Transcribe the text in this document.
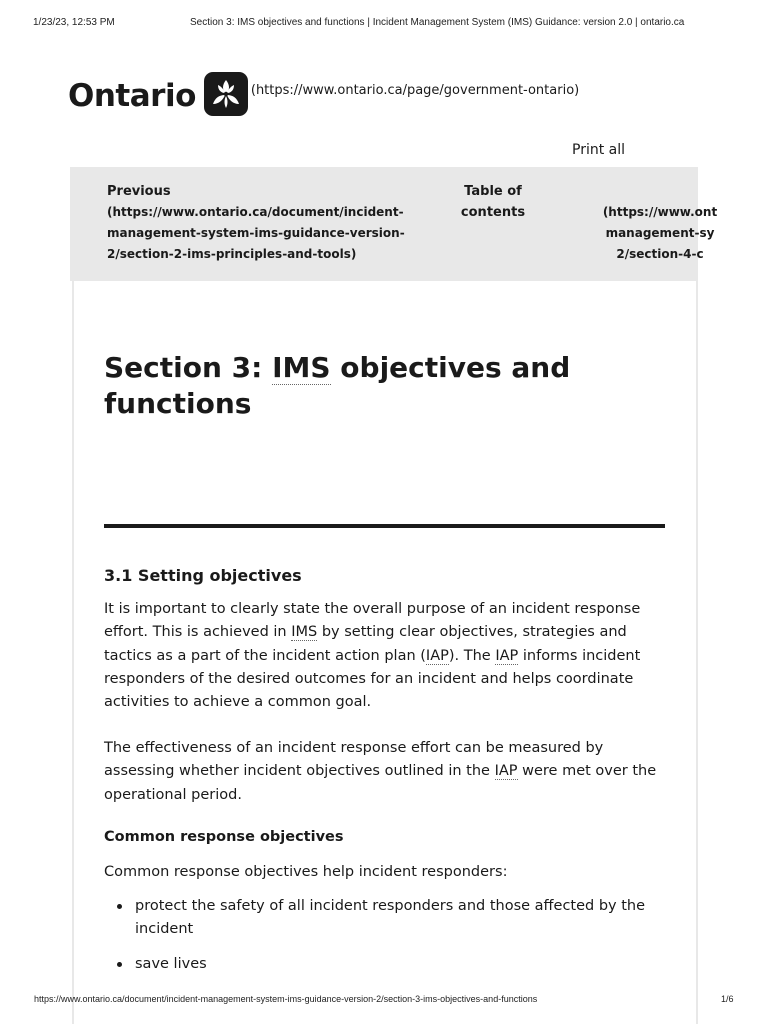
1/23/23, 12:53 PM	Section 3: IMS objectives and functions | Incident Management System (IMS) Guidance: version 2.0 | ontario.ca
Ontario	(https://www.ontario.ca/page/government-ontario)
Print all
Previous
(https://www.ontario.ca/document/incident-
management-system-ims-guidance-version-
2/section-2-ims-principles-and-tools)
Table of
contents	(https://www.ont
management-sy
2/section-4-c
Section 3: IMS objectives and functions
3.1 Setting objectives

It is important to clearly state the overall purpose of an incident response effort. This is achieved in IMS by setting clear objectives, strategies and tactics as a part of the incident action plan (IAP). The IAP informs incident responders of the desired outcomes for an incident and helps coordinate activities to achieve a common goal.

The effectiveness of an incident response effort can be measured by assessing whether incident objectives outlined in the IAP were met over the operational period.

Common response objectives

Common response objectives help incident responders:

protect the safety of all incident responders and those affected by the incident
save lives
https://www.ontario.ca/document/incident-management-system-ims-guidance-version-2/section-3-ims-objectives-and-functions	1/6
